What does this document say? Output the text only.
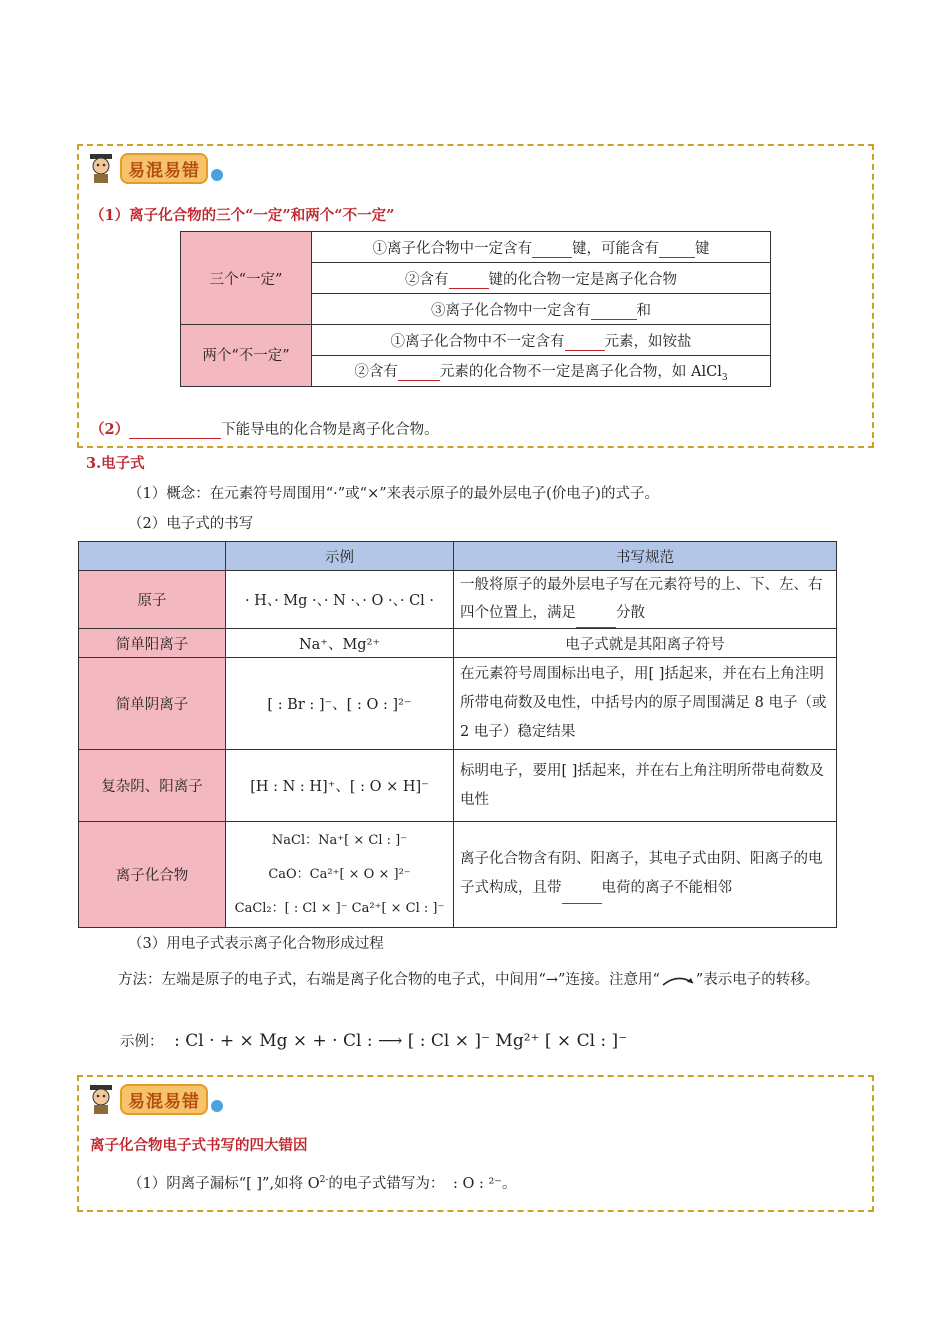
易混易错
（1）离子化合物的三个“一定”和两个“不一定”
三个“一定”	①离子化合物中一定含有 键，可能含有 键
	②含有 键的化合物一定是离子化合物
	③离子化合物中一定含有 和
两个“不一定”	①离子化合物中不一定含有 元素，如铵盐
	②含有 元素的化合物不一定是离子化合物，如 AlCl$_3$
（2）	下能导电的化合物是离子化合物。
3.电子式
（1）概念：在元素符号周围用“·”或“×”来表示原子的最外层电子(价电子)的式子。
（2）电子式的书写
	示例	书写规范
原子	· H、· Mg ·、· N ·、· O ·、· Cl ·	一般将原子的最外层电子写在元素符号的上、下、左、右四个位置上，满足 分散
简单阳离子	Na⁺、Mg²⁺	电子式就是其阳离子符号
简单阴离子	[ : Br : ]⁻、[ : O : ]²⁻	在元素符号周围标出电子，用[ ]括起来，并在右上角注明所带电荷数及电性，中括号内的原子周围满足 8 电子（或 2 电子）稳定结果
复杂阴、阳离子	[H : N : H]⁺、[ : O × H]⁻	标明电子，要用[ ]括起来，并在右上角注明所带电荷数及电性
离子化合物	NaCl：Na⁺[ × Cl : ]⁻
CaO：Ca²⁺[ × O × ]²⁻
CaCl₂：[ : Cl × ]⁻ Ca²⁺[ × Cl : ]⁻	离子化合物含有阴、阳离子，其电子式由阴、阳离子的电子式构成，且带 电荷的离子不能相邻
（3）用电子式表示离子化合物形成过程
方法：左端是原子的电子式，右端是离子化合物的电子式，中间用“→”连接。注意用“ ”表示电子的转移。
示例： : Cl · + × Mg × + · Cl : ⟶ [ : Cl × ]⁻ Mg²⁺ [ × Cl : ]⁻
易混易错
离子化合物电子式书写的四大错因
（1）阴离子漏标“[ ]”,如将 $O^{2-}$的电子式错写为： : O : ²⁻。
